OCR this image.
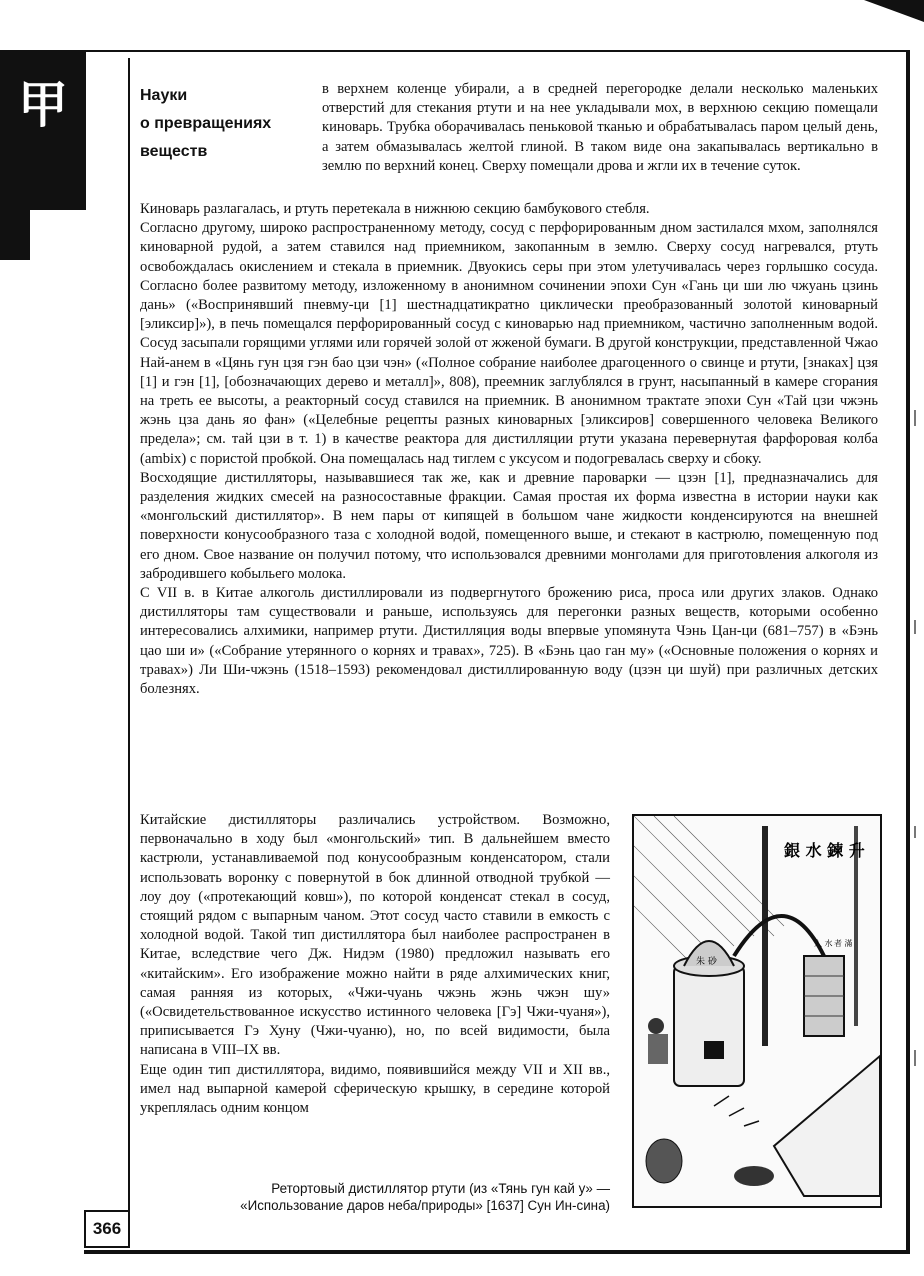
甲	Науки
о превращениях
веществ

в верхнем коленце убирали, а в средней перегородке делали несколько маленьких отверстий для стекания ртути и на нее укладывали мох, в верхнюю секцию помещали киноварь. Трубка оборачивалась пеньковой тканью и обрабатывалась паром целый день, а затем обмазывалась желтой глиной. В таком виде она закапывалась вертикально в землю по верхний конец. Сверху помещали дрова и жгли их в течение суток.

Киноварь разлагалась, и ртуть перетекала в нижнюю секцию бамбукового стебля.

Согласно другому, широко распространенному методу, сосуд с перфорированным дном застилался мхом, заполнялся киноварной рудой, а затем ставился над приемником, закопанным в землю. Сверху сосуд нагревался, ртуть освобождалась окислением и стекала в приемник. Двуокись серы при этом улетучивалась через горлышко сосуда. Согласно более развитому методу, изложенному в анонимном сочинении эпохи Сун «Гань ци ши лю чжуань цзинь дань» («Воспринявший пневму-ци [1] шестнадцатикратно циклически преобразованный золотой киноварный [эликсир]»), в печь помещался перфорированный сосуд с киноварью над приемником, частично заполненным водой. Сосуд засыпали горящими углями или горячей золой от жженой бумаги. В другой конструкции, представленной Чжао Най-анем в «Цянь гун цзя гэн бао цзи чэн» («Полное собрание наиболее драгоценного о свинце и ртути, [знаках] цзя [1] и гэн [1], [обозначающих дерево и металл]», 808), преемник заглублялся в грунт, насыпанный в камере сгорания на треть ее высоты, а реакторный сосуд ставился на приемник. В анонимном трактате эпохи Сун «Тай цзи чжэнь жэнь цза дань яо фан» («Целебные рецепты разных киноварных [эликсиров] совершенного человека Великого предела»; см. тай цзи в т. 1) в качестве реактора для дистилляции ртути указана перевернутая фарфоровая колба (ambix) с пористой пробкой. Она помещалась над тиглем с уксусом и подогревалась сверху и сбоку.

Восходящие дистилляторы, называвшиеся так же, как и древние пароварки — цзэн [1], предназначались для разделения жидких смесей на разносоставные фракции. Самая простая их форма известна в истории науки как «монгольский дистиллятор». В нем пары от кипящей в большом чане жидкости конденсируются на внешней поверхности конусообразного таза с холодной водой, помещенного выше, и стекают в кастрюлю, помещенную под его дном. Свое название он получил потому, что использовался древними монголами для приготовления алкоголя из забродившего кобыльего молока.

С VII в. в Китае алкоголь дистиллировали из подвергнутого брожению риса, проса или других злаков. Однако дистилляторы там существовали и раньше, используясь для перегонки разных веществ, которыми особенно интересовались алхимики, например ртути. Дистилляция воды впервые упомянута Чэнь Цан-ци (681–757) в «Бэнь цао ши и» («Собрание утерянного о корнях и травах», 725). В «Бэнь цао ган му» («Основные положения о корнях и травах») Ли Ши-чжэнь (1518–1593) рекомендовал дистиллированную воду (цзэн ци шуй) при различных детских болезнях.

Китайские дистилляторы различались устройством. Возможно, первоначально в ходу был «монгольский» тип. В дальнейшем вместо кастрюли, устанавливаемой под конусообразным конденсатором, стали использовать воронку с повернутой в бок длинной отводной трубкой — лоу доу («протекающий ковш»), по которой конденсат стекал в сосуд, стоящий рядом с выпарным чаном. Этот сосуд часто ставили в емкость с холодной водой. Такой тип дистиллятора был наиболее распространен в Китае, вследствие чего Дж. Нидэм (1980) предложил называть его «китайским». Его изображение можно найти в ряде алхимических книг, самая ранняя из которых, «Чжи-чуань чжэнь жэнь чжэн шу» («Освидетельствованное искусство истинного человека [Гэ] Чжи-чуаня»), приписывается Гэ Хуну (Чжи-чуаню), но, по всей видимости, была написана в VIII–IX вв.

Еще один тип дистиллятора, видимо, появившийся между VII и XII вв., имел над выпарной камерой сферическую крышку, в середине которой укреплялась одним концом

銀 水 鍊 升
朱 砂
入 水 者 滿
Ретортовый дистиллятор ртути (из «Тянь гун кай у» —
«Использование даров неба/природы» [1637] Сун Ин-сина)
366
